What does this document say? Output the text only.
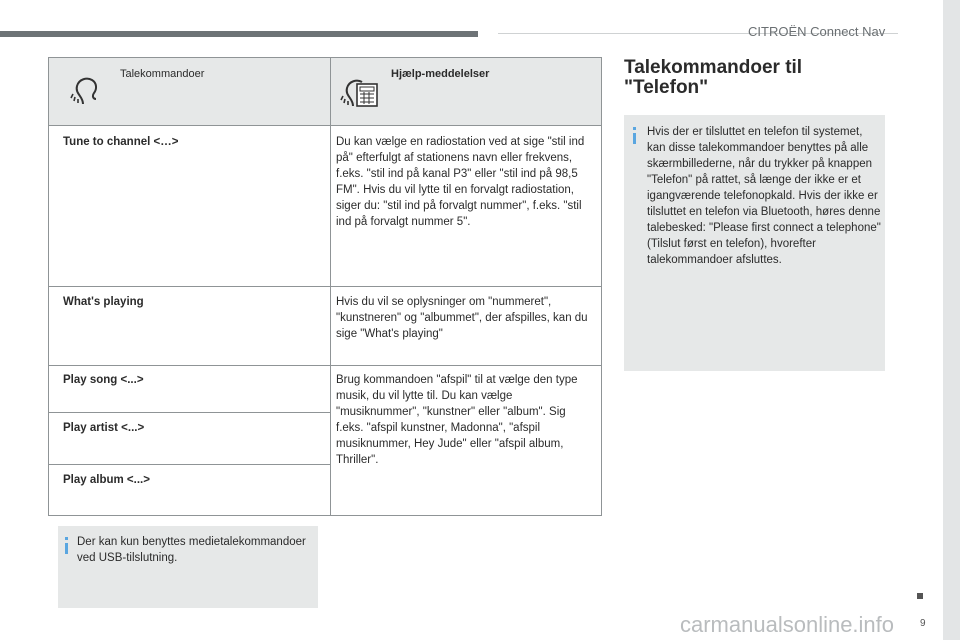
CITROËN Connect Nav
Talekommandoer	Hjælp-meddelelser
Tune to channel <…>	Du kan vælge en radiostation ved at sige "stil ind på" efterfulgt af stationens navn eller frekvens, f.eks. "stil ind på kanal P3" eller "stil ind på 98,5 FM". Hvis du vil lytte til en forvalgt radiostation, siger du: "stil ind på forvalgt nummer", f.eks. "stil ind på forvalgt nummer 5".
What's playing	Hvis du vil se oplysninger om "nummeret", "kunstneren" og "albummet", der afspilles, kan du sige "What's playing"
Play song <...>	Brug kommandoen "afspil" til at vælge den type musik, du vil lytte til. Du kan vælge "musiknummer", "kunstner" eller "album". Sig f.eks. "afspil kunstner, Madonna", "afspil musiknummer, Hey Jude" eller "afspil album, Thriller".
Play artist <...>
Play album <...>
Der kan kun benyttes medietalekommandoer ved USB-tilslutning.
Talekommandoer til "Telefon"
Hvis der er tilsluttet en telefon til systemet, kan disse talekommandoer benyttes på alle skærmbillederne, når du trykker på knappen "Telefon" på rattet, så længe der ikke er et igangværende telefonopkald. Hvis der ikke er tilsluttet en telefon via Bluetooth, høres denne talebesked: "Please first connect a telephone" (Tilslut først en telefon), hvorefter talekommandoer afsluttes.
9
carmanualsonline.info
